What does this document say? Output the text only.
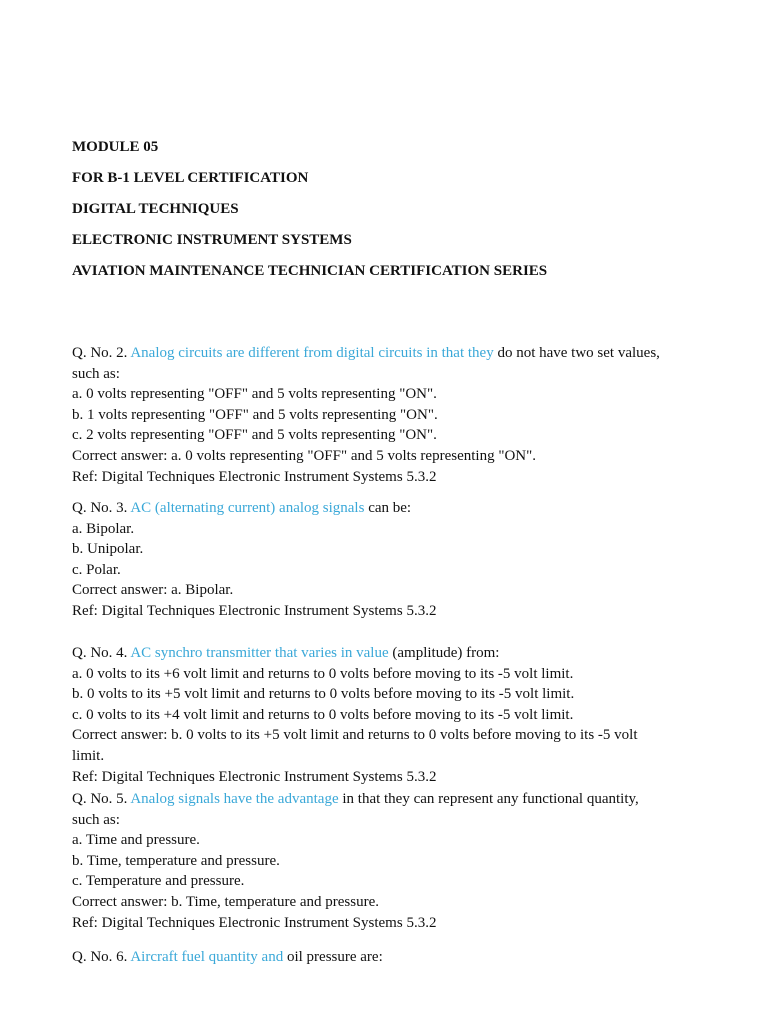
MODULE 05
FOR B-1 LEVEL CERTIFICATION
DIGITAL TECHNIQUES
ELECTRONIC INSTRUMENT SYSTEMS
AVIATION MAINTENANCE TECHNICIAN CERTIFICATION SERIES
Q. No. 2. Analog circuits are different from digital circuits in that they do not have two set values,
such as:
a. 0 volts representing "OFF" and 5 volts representing "ON".
b. 1 volts representing "OFF" and 5 volts representing "ON".
c. 2 volts representing "OFF" and 5 volts representing "ON".
Correct answer: a. 0 volts representing "OFF" and 5 volts representing "ON".
Ref: Digital Techniques Electronic Instrument Systems 5.3.2
Q. No. 3. AC (alternating current) analog signals can be:
a. Bipolar.
b. Unipolar.
c. Polar.
Correct answer: a. Bipolar.
Ref: Digital Techniques Electronic Instrument Systems 5.3.2
Q. No. 4. AC synchro transmitter that varies in value (amplitude) from:
a. 0 volts to its +6 volt limit and returns to 0 volts before moving to its -5 volt limit.
b. 0 volts to its +5 volt limit and returns to 0 volts before moving to its -5 volt limit.
c. 0 volts to its +4 volt limit and returns to 0 volts before moving to its -5 volt limit.
Correct answer: b. 0 volts to its +5 volt limit and returns to 0 volts before moving to its -5 volt
limit.
Ref: Digital Techniques Electronic Instrument Systems 5.3.2
Q. No. 5. Analog signals have the advantage in that they can represent any functional quantity,
such as:
a. Time and pressure.
b. Time, temperature and pressure.
c. Temperature and pressure.
Correct answer: b. Time, temperature and pressure.
Ref: Digital Techniques Electronic Instrument Systems 5.3.2
Q. No. 6. Aircraft fuel quantity and oil pressure are:
